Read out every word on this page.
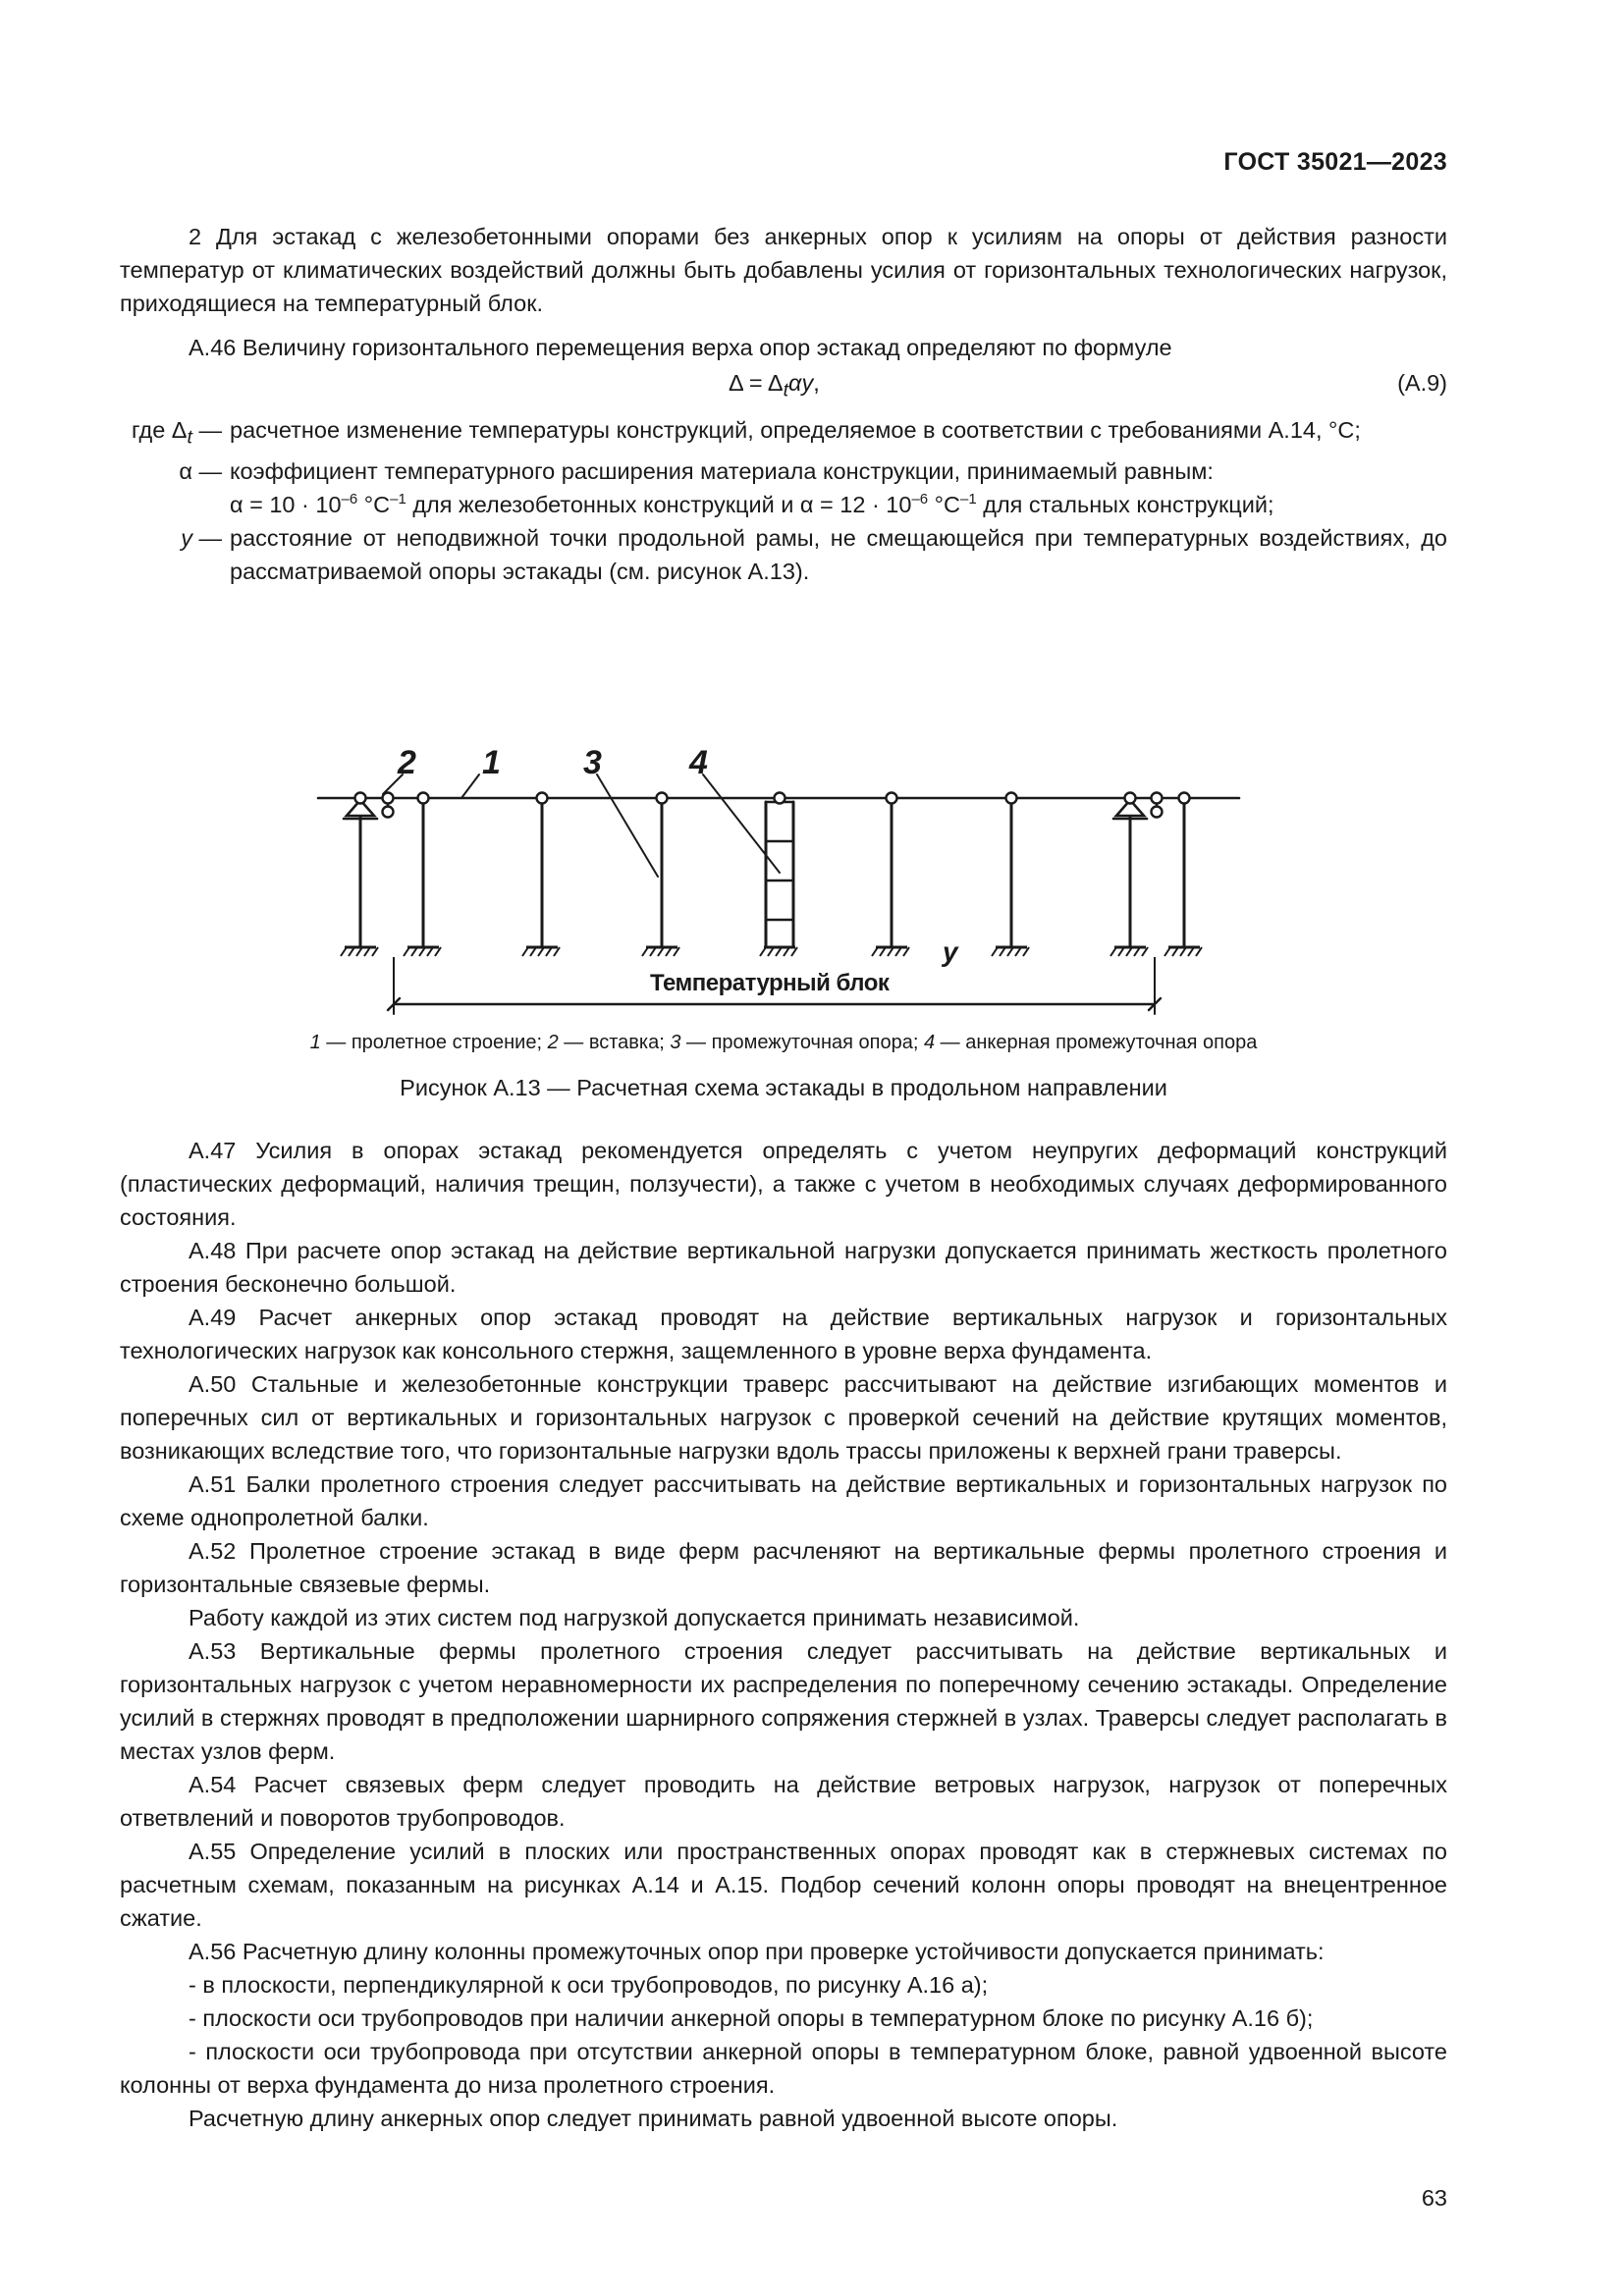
ГОСТ 35021—2023

2 Для эстакад с железобетонными опорами без анкерных опор к усилиям на опоры от действия разности температур от климатических воздействий должны быть добавлены усилия от горизонтальных технологических нагрузок, приходящиеся на температурный блок.

А.46 Величину горизонтального перемещения верха опор эстакад определяют по формуле

$\Delta = \Delta_t\alpha y$,	(А.9)
где $\Delta_t$ — расчетное изменение температуры конструкций, определяемое в соответствии с требованиями А.14, °С;
α — коэффициент температурного расширения материала конструкции, принимаемый равным:
$\alpha = 10 \cdot 10^{-6}$ $^\circ С^{-1}$ для железобетонных конструкций и $\alpha = 12 \cdot 10^{-6}$ $^\circ С^{-1}$ для стальных конструкций;
y — расстояние от неподвижной точки продольной рамы, не смещающейся при температурных воздействиях, до рассматриваемой опоры эстакады (см. рисунок А.13).
2 1 3	4
y
Температурный блок
1 — пролетное строение; 2 — вставка; 3 — промежуточная опора; 4 — анкерная промежуточная опора
Рисунок А.13 — Расчетная схема эстакады в продольном направлении

А.47 Усилия в опорах эстакад рекомендуется определять с учетом неупругих деформаций конструкций (пластических деформаций, наличия трещин, ползучести), а также с учетом в необходимых случаях деформированного состояния.

А.48 При расчете опор эстакад на действие вертикальной нагрузки допускается принимать жесткость пролетного строения бесконечно большой.

А.49 Расчет анкерных опор эстакад проводят на действие вертикальных нагрузок и горизонтальных технологических нагрузок как консольного стержня, защемленного в уровне верха фундамента.

А.50 Стальные и железобетонные конструкции траверс рассчитывают на действие изгибающих моментов и поперечных сил от вертикальных и горизонтальных нагрузок с проверкой сечений на действие крутящих моментов, возникающих вследствие того, что горизонтальные нагрузки вдоль трассы приложены к верхней грани траверсы.

А.51 Балки пролетного строения следует рассчитывать на действие вертикальных и горизонтальных нагрузок по схеме однопролетной балки.

А.52 Пролетное строение эстакад в виде ферм расчленяют на вертикальные фермы пролетного строения и горизонтальные связевые фермы.

Работу каждой из этих систем под нагрузкой допускается принимать независимой.

А.53 Вертикальные фермы пролетного строения следует рассчитывать на действие вертикальных и горизонтальных нагрузок с учетом неравномерности их распределения по поперечному сечению эстакады. Определение усилий в стержнях проводят в предположении шарнирного сопряжения стержней в узлах. Траверсы следует располагать в местах узлов ферм.

А.54 Расчет связевых ферм следует проводить на действие ветровых нагрузок, нагрузок от поперечных ответвлений и поворотов трубопроводов.

А.55 Определение усилий в плоских или пространственных опорах проводят как в стержневых системах по расчетным схемам, показанным на рисунках А.14 и А.15. Подбор сечений колонн опоры проводят на внецентренное сжатие.

А.56 Расчетную длину колонны промежуточных опор при проверке устойчивости допускается принимать:

- в плоскости, перпендикулярной к оси трубопроводов, по рисунку А.16 а);

- плоскости оси трубопроводов при наличии анкерной опоры в температурном блоке по рисунку А.16 б);

- плоскости оси трубопровода при отсутствии анкерной опоры в температурном блоке, равной удвоенной высоте колонны от верха фундамента до низа пролетного строения.

Расчетную длину анкерных опор следует принимать равной удвоенной высоте опоры.

63
